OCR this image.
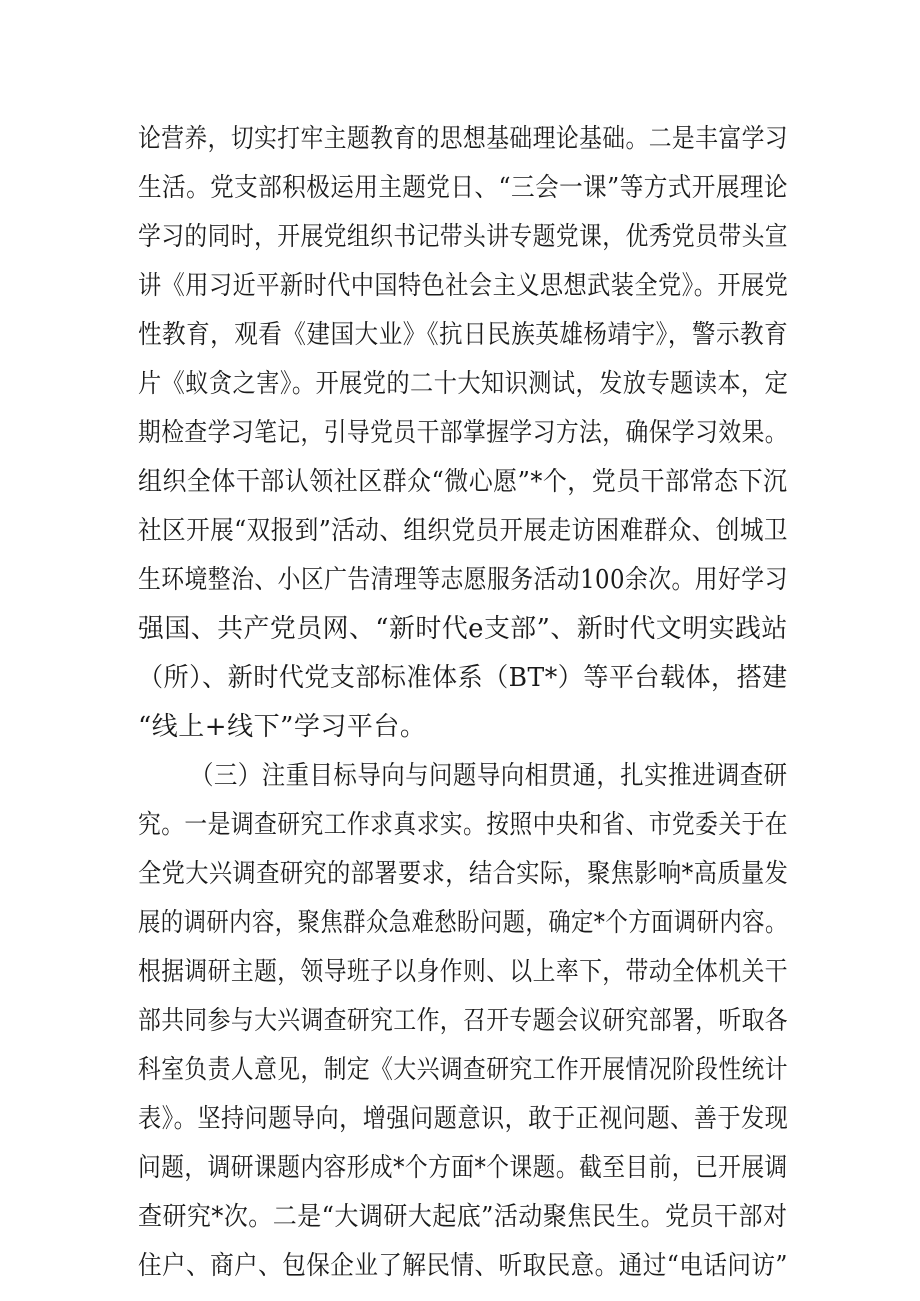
论营养，切实打牢主题教育的思想基础理论基础。二是丰富学习
生活。党支部积极运用主题党日、“三会一课”等方式开展理论
学习的同时，开展党组织书记带头讲专题党课，优秀党员带头宣
讲《用习近平新时代中国特色社会主义思想武装全党》。开展党
性教育，观看《建国大业》《抗日民族英雄杨靖宇》，警示教育
片《蚁贪之害》。开展党的二十大知识测试，发放专题读本，定
期检查学习笔记，引导党员干部掌握学习方法，确保学习效果。
组织全体干部认领社区群众“微心愿”*个，党员干部常态下沉
社区开展“双报到”活动、组织党员开展走访困难群众、创城卫
生环境整治、小区广告清理等志愿服务活动100余次。用好学习
强国、共产党员网、“新时代e支部”、新时代文明实践站
（所）、新时代党支部标准体系（BT*）等平台载体，搭建
“线上+线下”学习平台。
（三）注重目标导向与问题导向相贯通，扎实推进调查研
究。一是调查研究工作求真求实。按照中央和省、市党委关于在
全党大兴调查研究的部署要求，结合实际，聚焦影响*高质量发
展的调研内容，聚焦群众急难愁盼问题，确定*个方面调研内容。
根据调研主题，领导班子以身作则、以上率下，带动全体机关干
部共同参与大兴调查研究工作，召开专题会议研究部署，听取各
科室负责人意见，制定《大兴调查研究工作开展情况阶段性统计
表》。坚持问题导向，增强问题意识，敢于正视问题、善于发现
问题，调研课题内容形成*个方面*个课题。截至目前，已开展调
查研究*次。二是“大调研大起底”活动聚焦民生。党员干部对
住户、商户、包保企业了解民情、听取民意。通过“电话问访”
